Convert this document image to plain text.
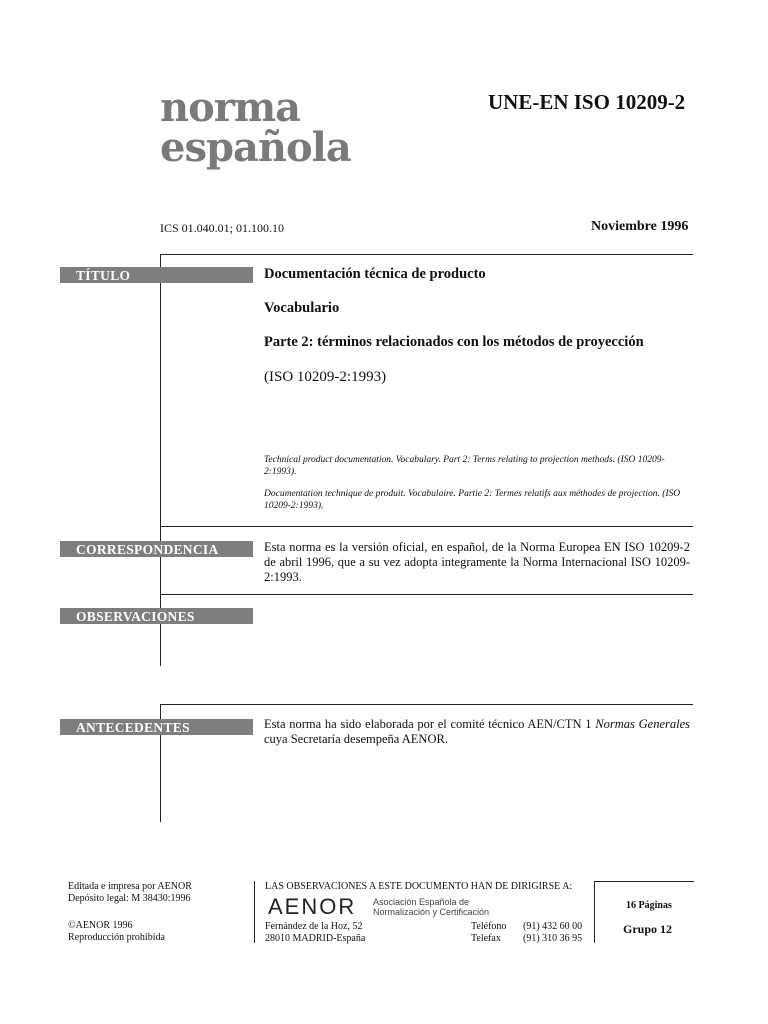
norma
española
UNE-EN ISO 10209-2
ICS 01.040.01; 01.100.10	Noviembre 1996
TÍTULO	Documentación técnica de producto
Vocabulario
Parte 2: términos relacionados con los métodos de proyección
(ISO 10209-2:1993)
Technical product documentation. Vocabulary. Part 2: Terms relating to projection methods. (ISO 10209-2:1993).
Documentation technique de produit. Vocabulaire. Partie 2: Termes relatifs aux méthodes de projection. (ISO 10209-2:1993).
CORRESPONDENCIA	Esta norma es la versión oficial, en español, de la Norma Europea EN ISO 10209-2 de abril 1996, que a su vez adopta integramente la Norma Internacional ISO 10209-2:1993.
OBSERVACIONES
ANTECEDENTES	Esta norma ha sido elaborada por el comité técnico AEN/CTN 1 Normas Generales cuya Secretaría desempeña AENOR.
Editada e impresa por AENOR
Depósito legal: M 38430:1996
©AENOR 1996
Reproducción prohibida
LAS OBSERVACIONES A ESTE DOCUMENTO HAN DE DIRIGIRSE A:
AENOR Asociación Española de
Normalización y Certificación
Fernández de la Hoz, 52
28010 MADRID-España
Teléfono (91) 432 60 00
Telefax (91) 310 36 95
16 Páginas
Grupo 12
